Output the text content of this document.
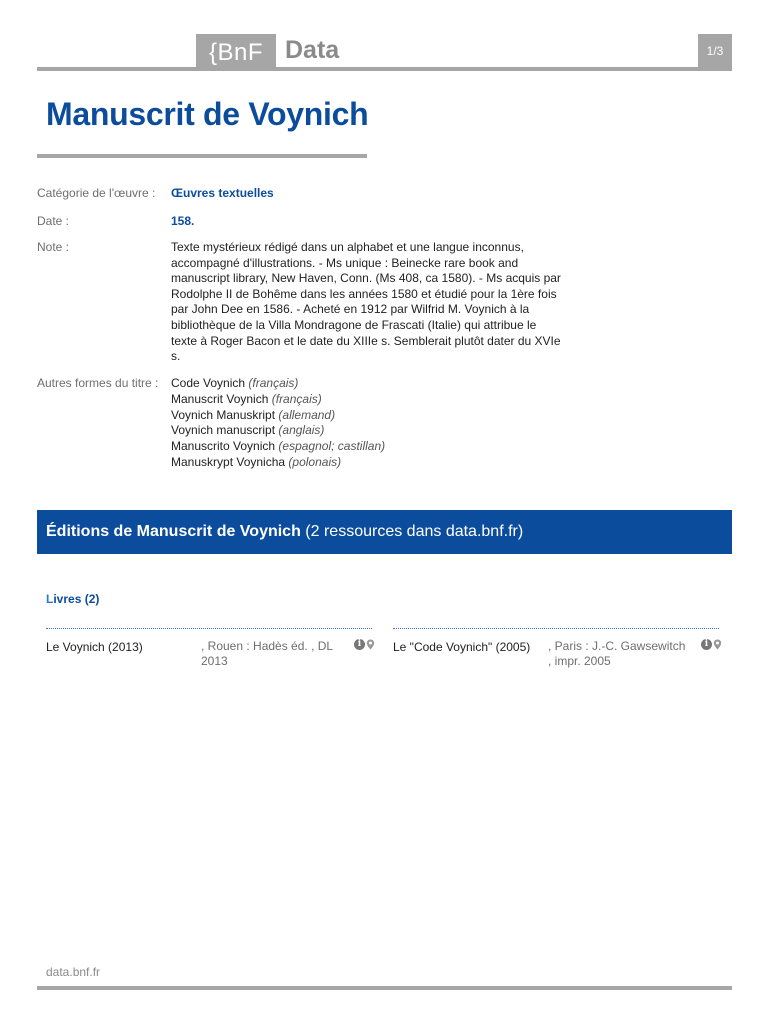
{BnF Data	1/3
Manuscrit de Voynich
Catégorie de l'œuvre : Œuvres textuelles
Date :	158.
Note :	Texte mystérieux rédigé dans un alphabet et une langue inconnus, accompagné d'illustrations. - Ms unique : Beinecke rare book and manuscript library, New Haven, Conn. (Ms 408, ca 1580). - Ms acquis par Rodolphe II de Bohême dans les années 1580 et étudié pour la 1ère fois par John Dee en 1586. - Acheté en 1912 par Wilfrid M. Voynich à la bibliothèque de la Villa Mondragone de Frascati (Italie) qui attribue le texte à Roger Bacon et le date du XIIIe s. Semblerait plutôt dater du XVIe s.
Autres formes du titre : Code Voynich (français)
Manuscrit Voynich (français)
Voynich Manuskript (allemand)
Voynich manuscript (anglais)
Manuscrito Voynich (espagnol; castillan)
Manuskrypt Voynicha (polonais)
Éditions de Manuscrit de Voynich (2 ressources dans data.bnf.fr)
Livres (2)
Le Voynich (2013)	, Rouen : Hadès éd. , DL 2013
i	Le "Code Voynich" (2005)	, Paris : J.-C. Gawsewitch , impr. 2005
i
data.bnf.fr
